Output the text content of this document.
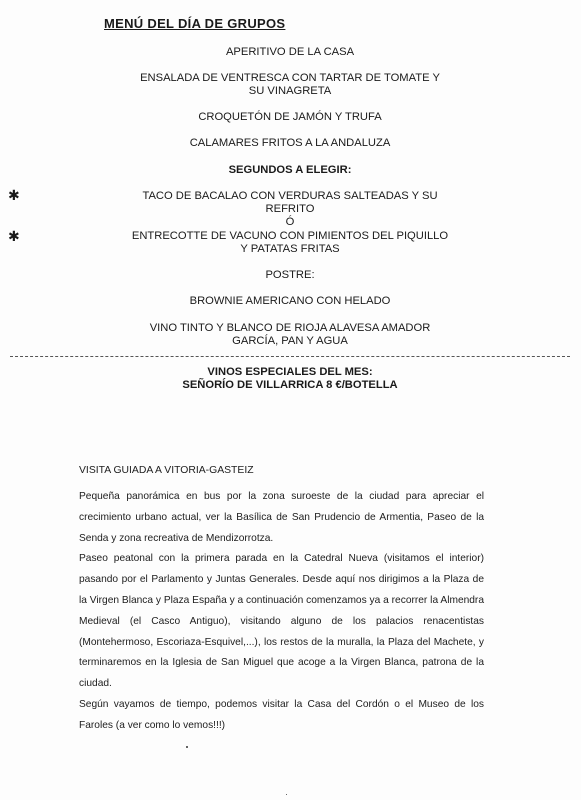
MENÚ DEL DÍA DE GRUPOS
APERITIVO DE LA CASA
ENSALADA DE VENTRESCA CON TARTAR DE TOMATE Y
SU VINAGRETA
CROQUETÓN DE JAMÓN Y TRUFA
CALAMARES FRITOS A LA ANDALUZA
SEGUNDOS A ELEGIR:
✱	TACO DE BACALAO CON VERDURAS SALTEADAS Y SU
REFRITO
Ó
✱	ENTRECOTTE DE VACUNO CON PIMIENTOS DEL PIQUILLO
Y PATATAS FRITAS
POSTRE:
BROWNIE AMERICANO CON HELADO
VINO TINTO Y BLANCO DE RIOJA ALAVESA AMADOR
GARCÍA, PAN Y AGUA
VINOS ESPECIALES DEL MES:
SEÑORÍO DE VILLARRICA 8 €/BOTELLA
VISITA GUIADA A VITORIA-GASTEIZ

Pequeña panorámica en bus por la zona suroeste de la ciudad para apreciar el crecimiento urbano actual, ver la Basílica de San Prudencio de Armentia, Paseo de la Senda y zona recreativa de Mendizorrotza.

Paseo peatonal con la primera parada en la Catedral Nueva (visitamos el interior) pasando por el Parlamento y Juntas Generales. Desde aquí nos dirigimos a la Plaza de la Virgen Blanca y Plaza España y a continuación comenzamos ya a recorrer la Almendra Medieval (el Casco Antiguo), visitando alguno de los palacios renacentistas (Montehermoso, Escoriaza-Esquivel,...), los restos de la muralla, la Plaza del Machete, y terminaremos en la Iglesia de San Miguel que acoge a la Virgen Blanca, patrona de la ciudad.

Según vayamos de tiempo, podemos visitar la Casa del Cordón o el Museo de los Faroles (a ver como lo vemos!!!)
